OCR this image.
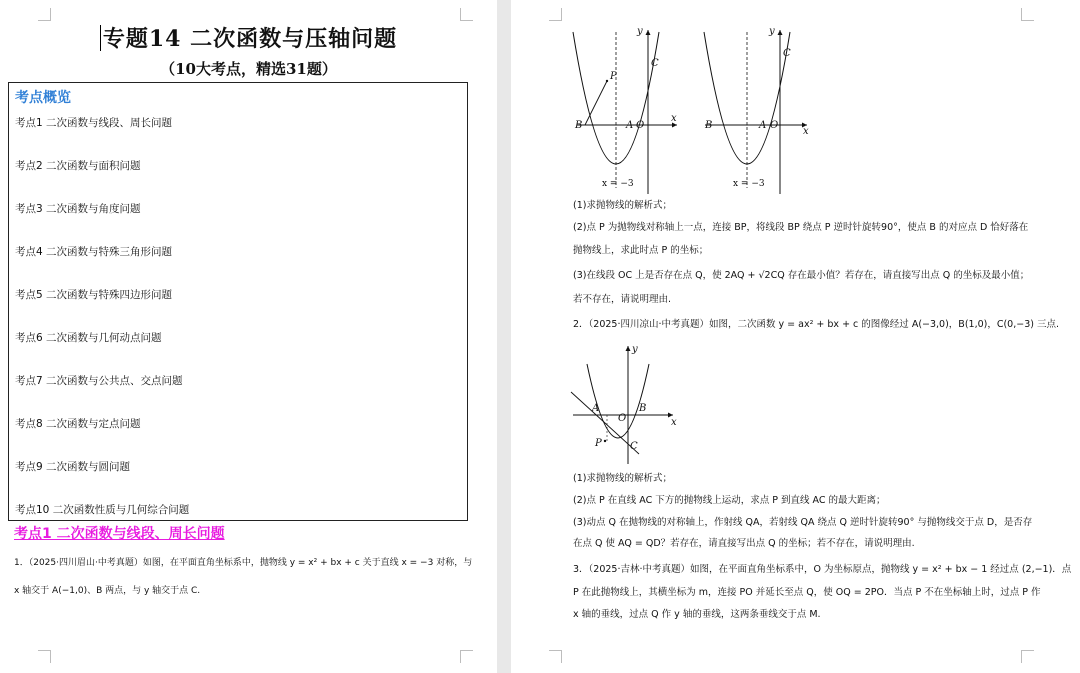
专题14 二次函数与压轴问题
（10大考点，精选31题）
考点概览
考点1 二次函数与线段、周长问题
考点2 二次函数与面积问题
考点3 二次函数与角度问题
考点4 二次函数与特殊三角形问题
考点5 二次函数与特殊四边形问题
考点6 二次函数与几何动点问题
考点7 二次函数与公共点、交点问题
考点8 二次函数与定点问题
考点9 二次函数与圆问题
考点10 二次函数性质与几何综合问题
考点1 二次函数与线段、周长问题
1．（2025·四川眉山·中考真题）如图，在平面直角坐标系中，抛物线 y = x² + bx + c 关于直线 x = −3 对称，与
x 轴交于 A(−1,0)、B 两点，与 y 轴交于点 C.
y
x
B	A O
C
P
x = −3
y
x
B	A O
C
x = −3
(1)求抛物线的解析式；
(2)点 P 为抛物线对称轴上一点，连接 BP，将线段 BP 绕点 P 逆时针旋转90°，使点 B 的对应点 D 恰好落在
抛物线上，求此时点 P 的坐标；
(3)在线段 OC 上是否存在点 Q，使 2AQ + √2CQ 存在最小值？若存在，请直接写出点 Q 的坐标及最小值；
若不存在，请说明理由.
2．（2025·四川凉山·中考真题）如图，二次函数 y = ax² + bx + c 的图像经过 A(−3,0)，B(1,0)，C(0,−3) 三点.
y
x
A
O
B
P	C
(1)求抛物线的解析式；
(2)点 P 在直线 AC 下方的抛物线上运动，求点 P 到直线 AC 的最大距离；
(3)动点 Q 在抛物线的对称轴上，作射线 QA，若射线 QA 绕点 Q 逆时针旋转90° 与抛物线交于点 D，是否存
在点 Q 使 AQ = QD？若存在，请直接写出点 Q 的坐标；若不存在，请说明理由.
3．（2025·吉林·中考真题）如图，在平面直角坐标系中，O 为坐标原点，抛物线 y = x² + bx − 1 经过点 (2,−1)．点
P 在此抛物线上，其横坐标为 m，连接 PO 并延长至点 Q，使 OQ = 2PO．当点 P 不在坐标轴上时，过点 P 作
x 轴的垂线，过点 Q 作 y 轴的垂线，这两条垂线交于点 M.
